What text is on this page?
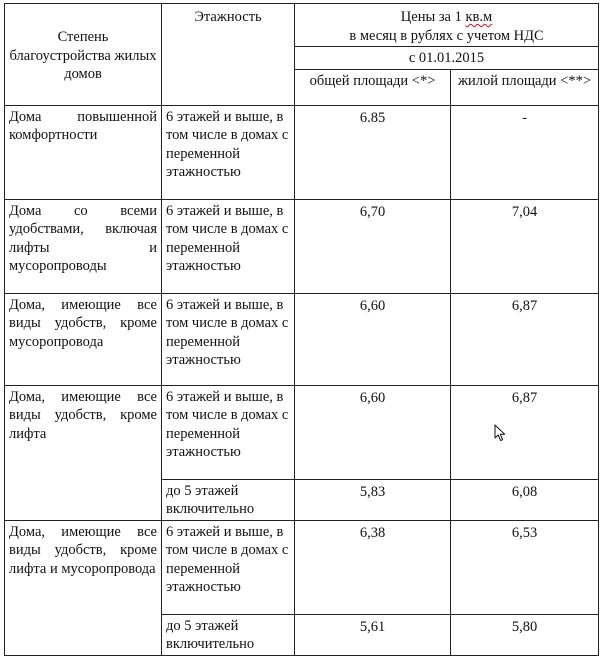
Степень благоустройства жилых домов	Этажность	Цены за 1 кв.м
в месяц в рублях с учетом НДС	
		с 01.01.2015	
		общей площади <*>	жилой площади <**>
Дома повышенной комфортности	6 этажей и выше, в том числе в домах с переменной этажностью	6.85	-
Дома со всеми удобствами, включая лифты и мусоропроводы	6 этажей и выше, в том числе в домах с переменной этажностью	6,70	7,04
Дома, имеющие все виды удобств, кроме мусоропровода	6 этажей и выше, в том числе в домах с переменной этажностью	6,60	6,87
Дома, имеющие все виды удобств, кроме лифта	6 этажей и выше, в том числе в домах с переменной этажностью	6,60	6,87
	до 5 этажей включительно	5,83	6,08
Дома, имеющие все виды удобств, кроме лифта и мусоропровода	6 этажей и выше, в том числе в домах с переменной этажностью	6,38	6,53
	до 5 этажей включительно	5,61	5,80
